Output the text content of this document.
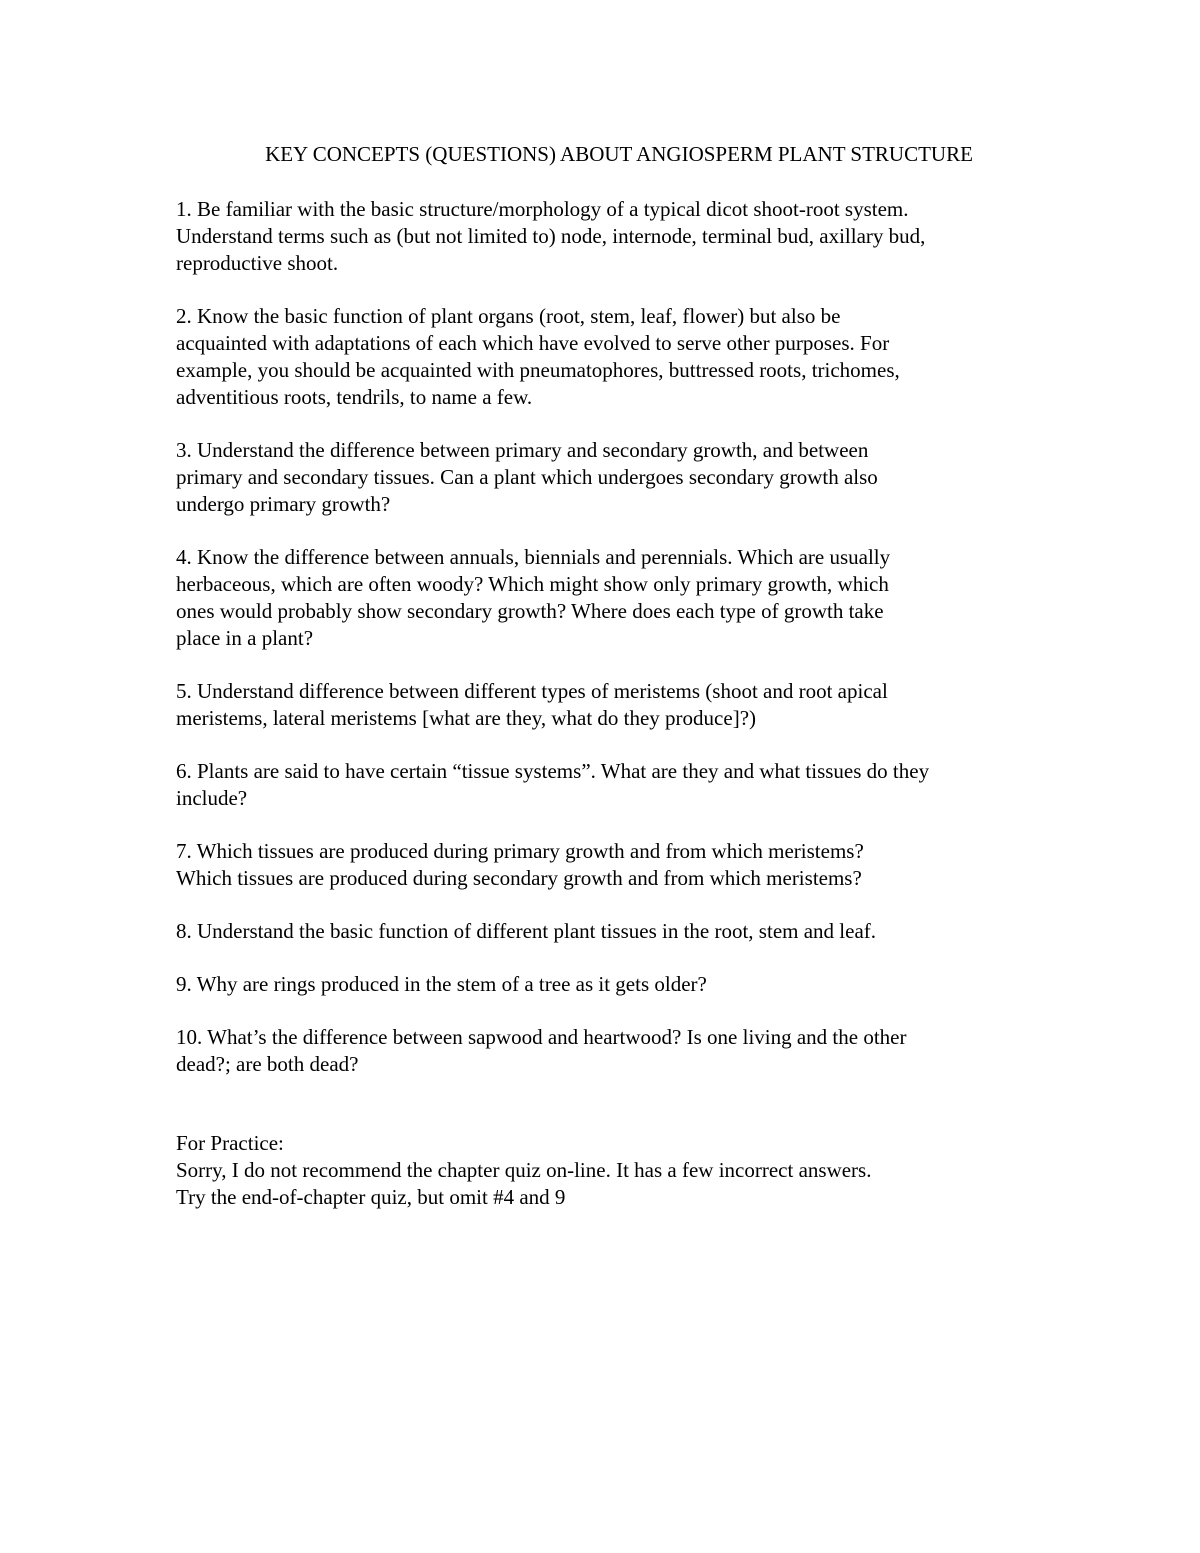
KEY CONCEPTS (QUESTIONS) ABOUT ANGIOSPERM PLANT STRUCTURE
1. Be familiar with the basic structure/morphology of a typical dicot shoot-root system.
Understand terms such as (but not limited to) node, internode, terminal bud, axillary bud,
reproductive shoot.
2. Know the basic function of plant organs (root, stem, leaf, flower) but also be
acquainted with adaptations of each which have evolved to serve other purposes. For
example, you should be acquainted with pneumatophores, buttressed roots, trichomes,
adventitious roots, tendrils, to name a few.
3. Understand the difference between primary and secondary growth, and between
primary and secondary tissues. Can a plant which undergoes secondary growth also
undergo primary growth?
4. Know the difference between annuals, biennials and perennials. Which are usually
herbaceous, which are often woody? Which might show only primary growth, which
ones would probably show secondary growth? Where does each type of growth take
place in a plant?
5. Understand difference between different types of meristems (shoot and root apical
meristems, lateral meristems [what are they, what do they produce]?)
6. Plants are said to have certain “tissue systems”. What are they and what tissues do they
include?
7. Which tissues are produced during primary growth and from which meristems?
Which tissues are produced during secondary growth and from which meristems?
8. Understand the basic function of different plant tissues in the root, stem and leaf.
9. Why are rings produced in the stem of a tree as it gets older?
10. What’s the difference between sapwood and heartwood? Is one living and the other
dead?; are both dead?
For Practice:
Sorry, I do not recommend the chapter quiz on-line. It has a few incorrect answers.
Try the end-of-chapter quiz, but omit #4 and 9
